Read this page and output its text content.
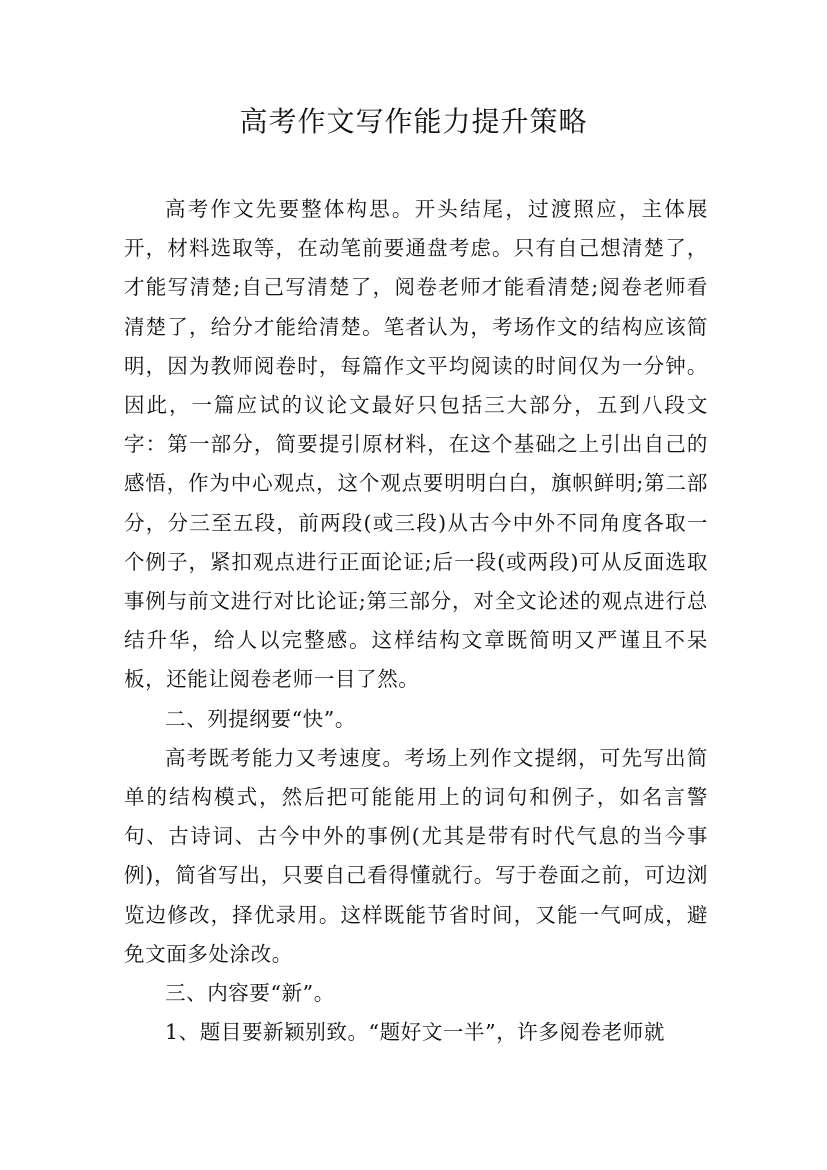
高考作文写作能力提升策略

高考作文先要整体构思。开头结尾，过渡照应，主体展开，材料选取等，在动笔前要通盘考虑。只有自己想清楚了，才能写清楚;自己写清楚了，阅卷老师才能看清楚;阅卷老师看清楚了，给分才能给清楚。笔者认为，考场作文的结构应该简明，因为教师阅卷时，每篇作文平均阅读的时间仅为一分钟。因此，一篇应试的议论文最好只包括三大部分，五到八段文字：第一部分，简要提引原材料，在这个基础之上引出自己的感悟，作为中心观点，这个观点要明明白白，旗帜鲜明;第二部分，分三至五段，前两段(或三段)从古今中外不同角度各取一个例子，紧扣观点进行正面论证;后一段(或两段)可从反面选取事例与前文进行对比论证;第三部分，对全文论述的观点进行总结升华，给人以完整感。这样结构文章既简明又严谨且不呆板，还能让阅卷老师一目了然。

二、列提纲要“快”。

高考既考能力又考速度。考场上列作文提纲，可先写出简单的结构模式，然后把可能能用上的词句和例子，如名言警句、古诗词、古今中外的事例(尤其是带有时代气息的当今事例)，简省写出，只要自己看得懂就行。写于卷面之前，可边浏览边修改，择优录用。这样既能节省时间，又能一气呵成，避免文面多处涂改。

三、内容要“新”。

1、题目要新颖别致。“题好文一半”，许多阅卷老师就
